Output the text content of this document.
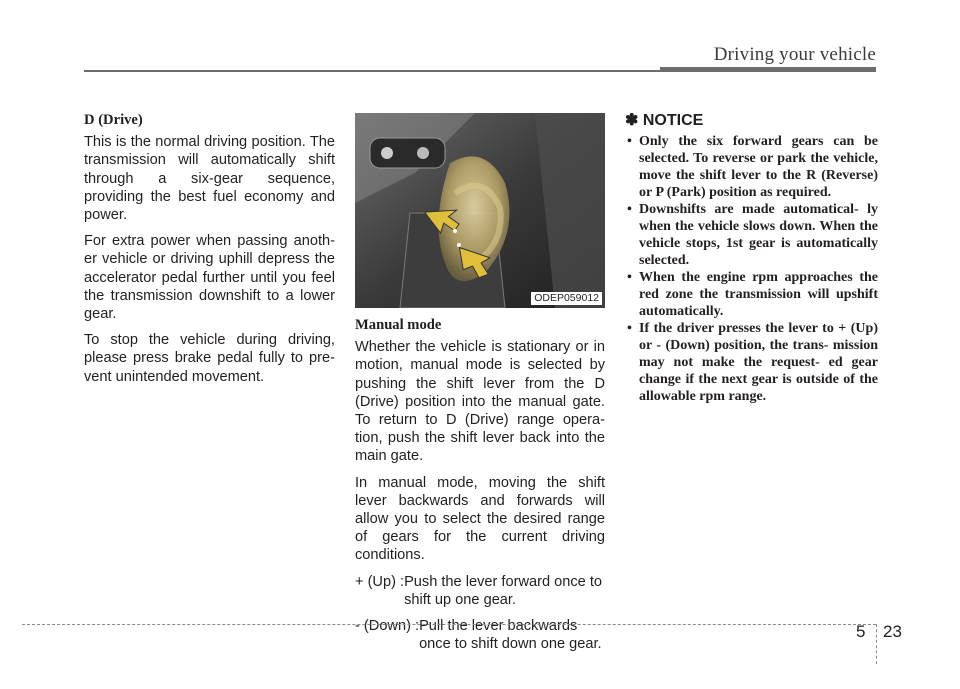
Driving your vehicle

D (Drive)

This is the normal driving position. The transmission will automatically shift through a six-gear sequence, providing the best fuel economy and power.

For extra power when passing anoth- er vehicle or driving uphill depress the accelerator pedal further until you feel the transmission downshift to a lower gear.

To stop the vehicle during driving, please press brake pedal fully to pre- vent unintended movement.

ODEP059012

Manual mode

Whether the vehicle is stationary or in motion, manual mode is selected by pushing the shift lever from the D (Drive) position into the manual gate. To return to D (Drive) range opera- tion, push the shift lever back into the main gate.

In manual mode, moving the shift lever backwards and forwards will allow you to select the desired range of gears for the current driving conditions.

+ (Up) : Push the lever forward once to shift up one gear.
- (Down) : Pull the lever backwards once to shift down one gear.
✽ NOTICE
• Only the six forward gears can be selected. To reverse or park the vehicle, move the shift lever to the R (Reverse) or P (Park) position as required.
• Downshifts are made automatical- ly when the vehicle slows down. When the vehicle stops, 1st gear is automatically selected.
• When the engine rpm approaches the red zone the transmission will upshift automatically.
• If the driver presses the lever to + (Up) or - (Down) position, the trans- mission may not make the request- ed gear change if the next gear is outside of the allowable rpm range.
5 23
